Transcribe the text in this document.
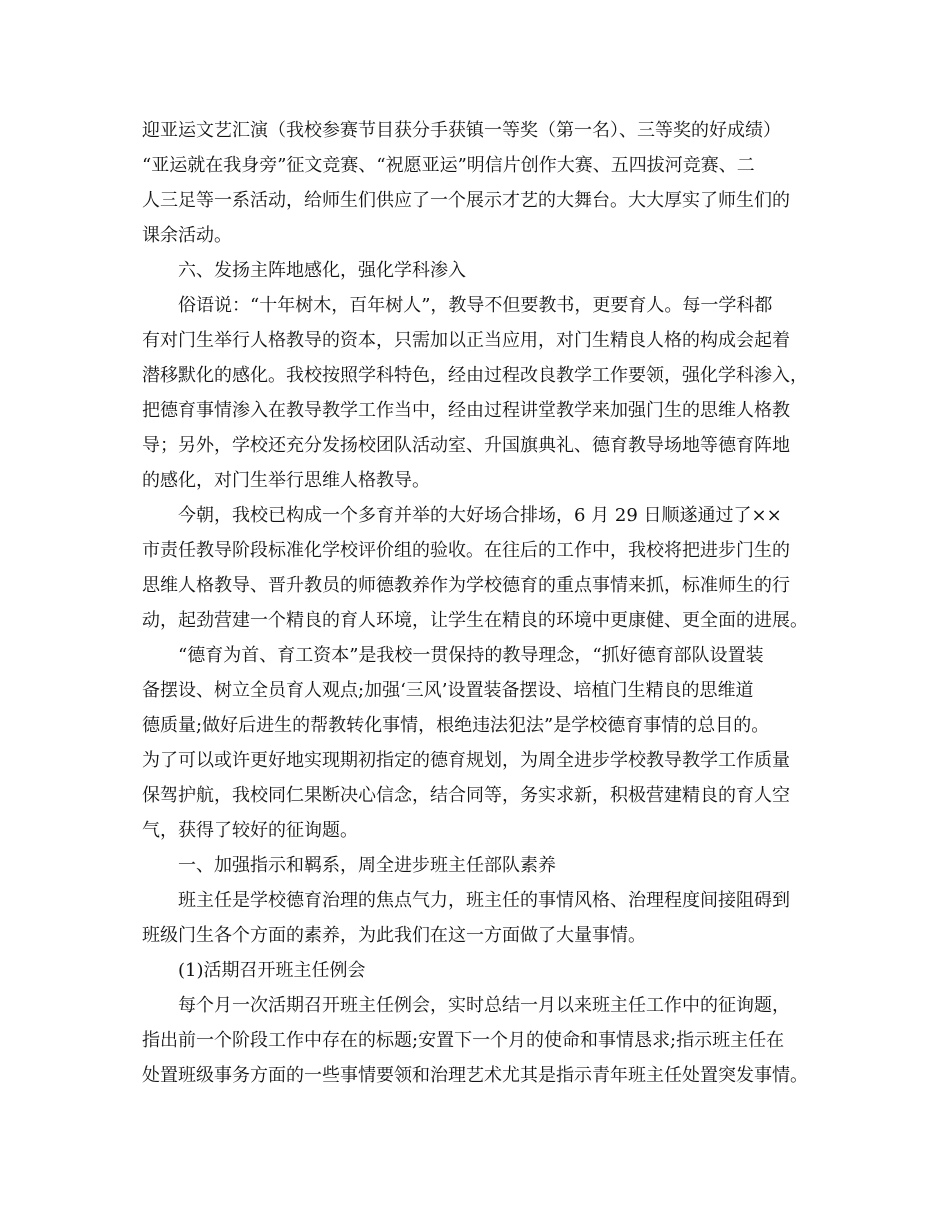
迎亚运文艺汇演（我校参赛节目获分手获镇一等奖（第一名）、三等奖的好成绩）
“亚运就在我身旁”征文竞赛、“祝愿亚运”明信片创作大赛、五四拔河竞赛、二
人三足等一系活动，给师生们供应了一个展示才艺的大舞台。大大厚实了师生们的
课余活动。
　　六、发扬主阵地感化，强化学科渗入
　　俗语说：“十年树木，百年树人”，教导不但要教书，更要育人。每一学科都
有对门生举行人格教导的资本，只需加以正当应用，对门生精良人格的构成会起着
潜移默化的感化。我校按照学科特色，经由过程改良教学工作要领，强化学科渗入，
把德育事情渗入在教导教学工作当中，经由过程讲堂教学来加强门生的思维人格教
导；另外，学校还充分发扬校团队活动室、升国旗典礼、德育教导场地等德育阵地
的感化，对门生举行思维人格教导。
　　今朝，我校已构成一个多育并举的大好场合排场，6 月 29 日顺遂通过了××
市责任教导阶段标准化学校评价组的验收。在往后的工作中，我校将把进步门生的
思维人格教导、晋升教员的师德教养作为学校德育的重点事情来抓，标准师生的行
动，起劲营建一个精良的育人环境，让学生在精良的环境中更康健、更全面的进展。
　　“德育为首、育工资本”是我校一贯保持的教导理念，“抓好德育部队设置装
备摆设、树立全员育人观点;加强‘三风’设置装备摆设、培植门生精良的思维道
德质量;做好后进生的帮教转化事情，根绝违法犯法”是学校德育事情的总目的。
为了可以或许更好地实现期初指定的德育规划，为周全进步学校教导教学工作质量
保驾护航，我校同仁果断决心信念，结合同等，务实求新，积极营建精良的育人空
气，获得了较好的征询题。
　　一、加强指示和羁系，周全进步班主任部队素养
　　班主任是学校德育治理的焦点气力，班主任的事情风格、治理程度间接阻碍到
班级门生各个方面的素养，为此我们在这一方面做了大量事情。
　　(1)活期召开班主任例会
　　每个月一次活期召开班主任例会，实时总结一月以来班主任工作中的征询题，
指出前一个阶段工作中存在的标题;安置下一个月的使命和事情恳求;指示班主任在
处置班级事务方面的一些事情要领和治理艺术尤其是指示青年班主任处置突发事情。
